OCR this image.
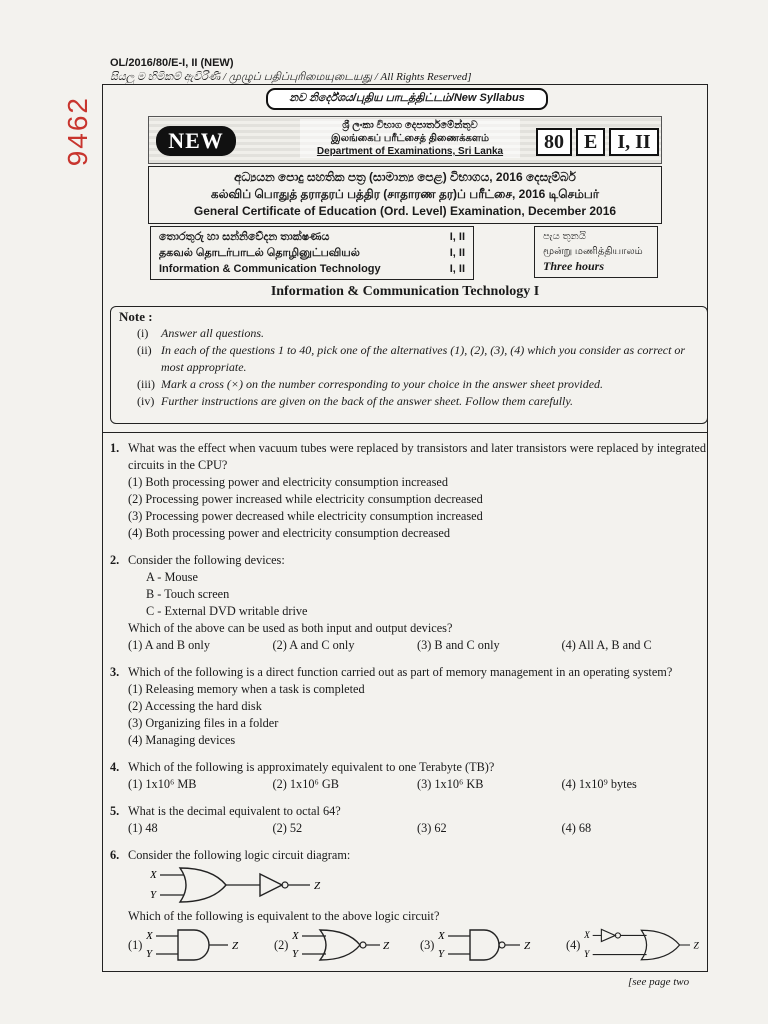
9462
OL/2016/80/E-I, II (NEW)
සියලු ම හිමිකම් ඇවිරිණි / முழுப் பதிப்புரிமையுடையது / All Rights Reserved]
නව නිර්දේශය/புதிய பாடத்திட்டம்/New Syllabus
NEW
ශ්‍රී ලංකා විභාග දෙපාර්තමේන්තුව
இலங்கைப் பரீட்சைத் திணைக்களம்
Department of Examinations, Sri Lanka	80	E	I, II
අධ්‍යයන පොදු සහතික පත්‍ර (සාමාන්‍ය පෙළ) විභාගය, 2016 දෙසැම්බර්
கல்விப் பொதுத் தராதரப் பத்திர (சாதாரண தர)ப் பரீட்சை, 2016 டிசெம்பர்
General Certificate of Education (Ord. Level) Examination, December 2016
තොරතුරු හා සන්නිවේදන තාක්ෂණය	I, II
தகவல் தொடர்பாடல் தொழினுட்பவியல்	I, II
Information & Communication Technology	I, II
පැය තුනයි
மூன்று மணித்தியாலம்
Three hours
Information & Communication Technology I
Note :
(i)	Answer all questions.
(ii) In each of the questions 1 to 40, pick one of the alternatives (1), (2), (3), (4) which you consider as correct or most appropriate.
(iii) Mark a cross (×) on the number corresponding to your choice in the answer sheet provided.
(iv) Further instructions are given on the back of the answer sheet. Follow them carefully.
1. What was the effect when vacuum tubes were replaced by transistors and later transistors were replaced by integrated circuits in the CPU?
(1) Both processing power and electricity consumption increased
(2) Processing power increased while electricity consumption decreased
(3) Processing power decreased while electricity consumption increased
(4) Both processing power and electricity consumption decreased
2. Consider the following devices:
A - Mouse
B - Touch screen
C - External DVD writable drive
Which of the above can be used as both input and output devices?
(1) A and B only	(2) A and C only	(3) B and C only	(4) All A, B and C
3. Which of the following is a direct function carried out as part of memory management in an operating system?
(1) Releasing memory when a task is completed
(2) Accessing the hard disk
(3) Organizing files in a folder
(4) Managing devices
4. Which of the following is approximately equivalent to one Terabyte (TB)?
(1) 1x10⁶ MB	(2) 1x10⁶ GB	(3) 1x10⁶ KB	(4) 1x10⁹ bytes
5. What is the decimal equivalent to octal 64?
(1) 48	(2) 52	(3) 62	(4) 68
6. Consider the following logic circuit diagram:
X
Y
Z
Which of the following is equivalent to the above logic circuit?
(1)
X
Y
Z	(2)
X
Y
Z (3)
X
Y
Z	(4)
X
Y
Z
[see page two
